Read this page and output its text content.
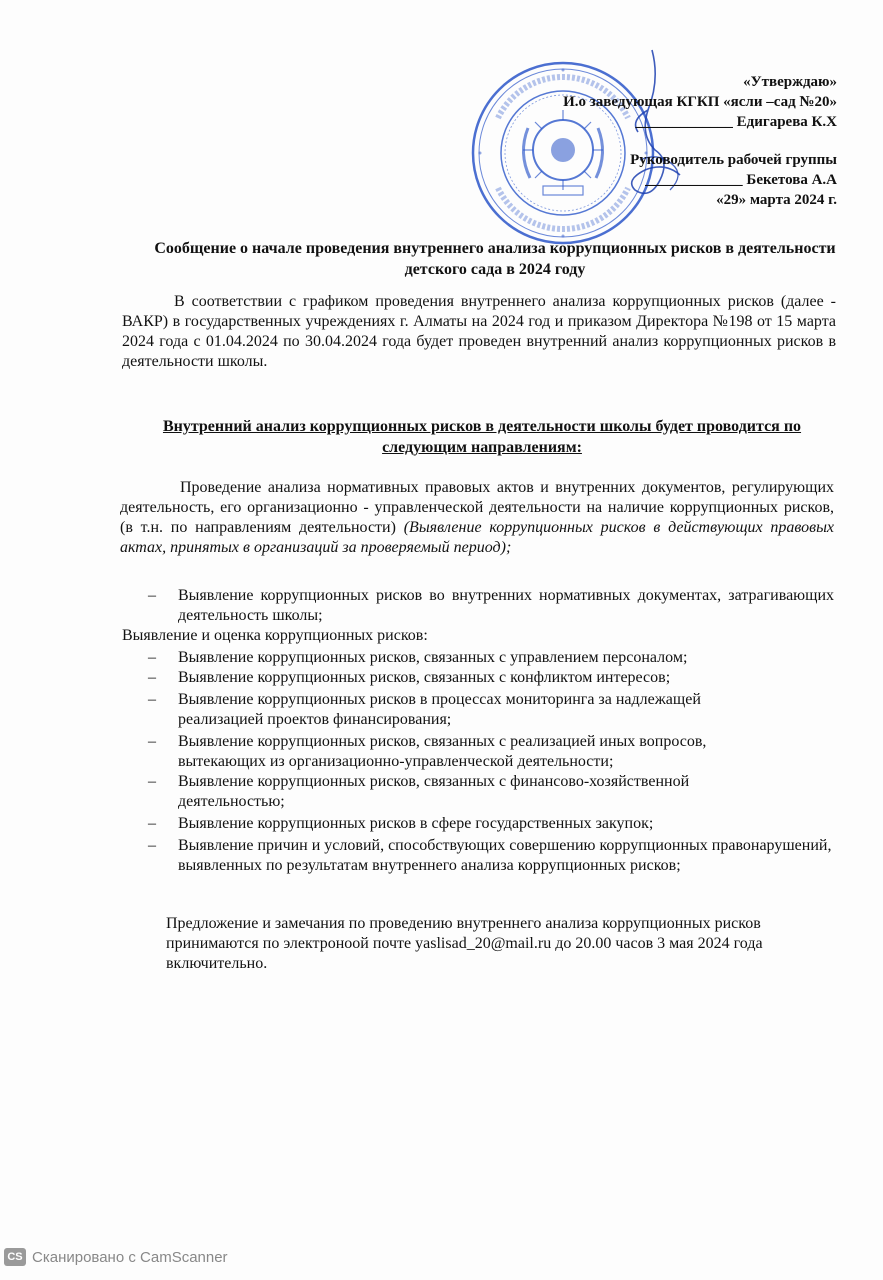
«Утверждаю»
И.о заведующая КГКП «ясли –сад №20»
_____________ Едигарева К.Х
Руководитель рабочей группы
_____________ Бекетова А.А
«29» марта 2024 г.
Сообщение о начале проведения внутреннего анализа коррупционных рисков в деятельности детского сада в 2024 году
В соответствии с графиком проведения внутреннего анализа коррупционных рисков (далее - ВАКР) в государственных учреждениях г. Алматы на 2024 год и приказом Директора №198 от 15 марта 2024 года с 01.04.2024 по 30.04.2024 года будет проведен внутренний анализ коррупционных рисков в деятельности школы.
Внутренний анализ коррупционных рисков в деятельности школы будет проводится по следующим направлениям:
Проведение анализа нормативных правовых актов и внутренних документов, регулирующих деятельность, его организационно - управленческой деятельности на наличие коррупционных рисков, (в т.н. по направлениям деятельности) (Выявление коррупционных рисков в действующих правовых актах, принятых в организаций за проверяемый период);
– Выявление коррупционных рисков во внутренних нормативных документах, затрагивающих деятельность школы;
Выявление и оценка коррупционных рисков:
– Выявление коррупционных рисков, связанных с управлением персоналом;
– Выявление коррупционных рисков, связанных с конфликтом интересов;
– Выявление коррупционных рисков в процессах мониторинга за надлежащей реализацией проектов финансирования;
– Выявление коррупционных рисков, связанных с реализацией иных вопросов, вытекающих из организационно-управленческой деятельности;
– Выявление коррупционных рисков, связанных с финансово-хозяйственной деятельностью;
– Выявление коррупционных рисков в сфере государственных закупок;
– Выявление причин и условий, способствующих совершению коррупционных правонарушений, выявленных по результатам внутреннего анализа коррупционных рисков;
Предложение и замечания по проведению внутреннего анализа коррупционных рисков принимаются по электроноой почте yaslisad_20@mail.ru до 20.00 часов 3 мая 2024 года включительно.
CS Сканировано с CamScanner
